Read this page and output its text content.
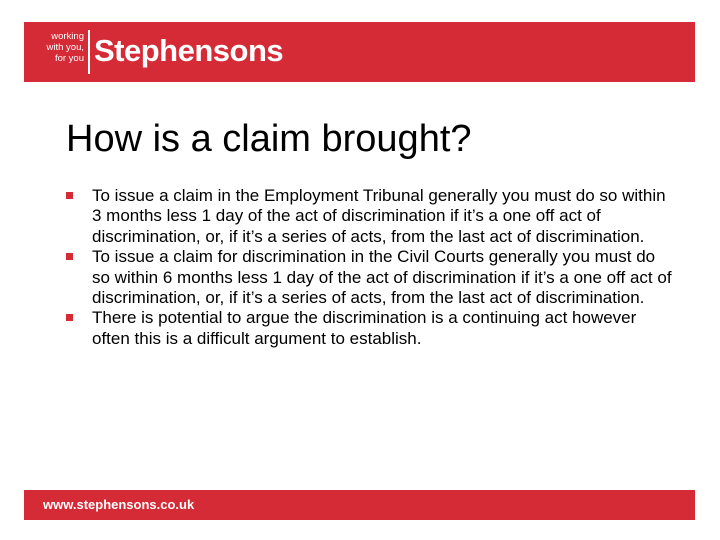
working
with you,
for you Stephensons
How is a claim brought?
To issue a claim in the Employment Tribunal generally you must do so within 3 months less 1 day of the act of discrimination if it’s a one off act of discrimination, or, if it’s a series of acts, from the last act of discrimination.
To issue a claim for discrimination in the Civil Courts generally you must do so within 6 months less 1 day of the act of discrimination if it’s a one off act of discrimination, or, if it’s a series of acts, from the last act of discrimination.
There is potential to argue the discrimination is a continuing act however often this is a difficult argument to establish.
www.stephensons.co.uk
